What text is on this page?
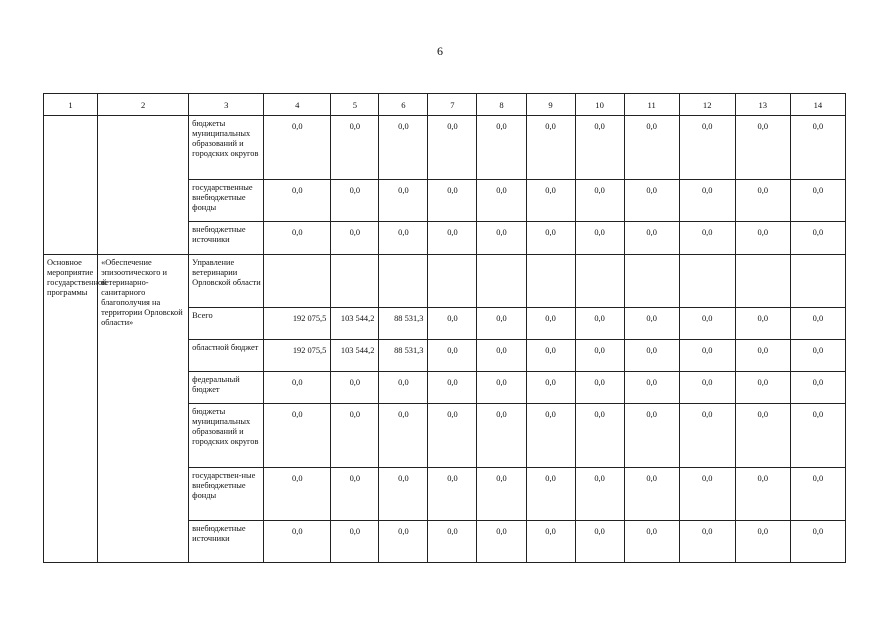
6
1	2	3	4	5	6	7	8	9	10	11	12	13	14
		бюджеты муниципальных образований и городских округов	0,0	0,0	0,0	0,0	0,0	0,0	0,0	0,0	0,0	0,0	0,0
		государственные внебюджетные фонды	0,0	0,0	0,0	0,0	0,0	0,0	0,0	0,0	0,0	0,0	0,0
		внебюджетные источники	0,0	0,0	0,0	0,0	0,0	0,0	0,0	0,0	0,0	0,0	0,0
Основное мероприятие государственной программы	«Обеспечение эпизоотического и ветеринарно-санитарного благополучия на территории Орловской области»	Управление ветеринарии Орловской области											
		Всего	192 075,5	103 544,2	88 531,3	0,0	0,0	0,0	0,0	0,0	0,0	0,0	0,0
		областной бюджет	192 075,5	103 544,2	88 531,3	0,0	0,0	0,0	0,0	0,0	0,0	0,0	0,0
		федеральный бюджет	0,0	0,0	0,0	0,0	0,0	0,0	0,0	0,0	0,0	0,0	0,0
		бюджеты муниципальных образований и городских округов	0,0	0,0	0,0	0,0	0,0	0,0	0,0	0,0	0,0	0,0	0,0
		государствен-ные внебюджетные фонды	0,0	0,0	0,0	0,0	0,0	0,0	0,0	0,0	0,0	0,0	0,0
		внебюджетные источники	0,0	0,0	0,0	0,0	0,0	0,0	0,0	0,0	0,0	0,0	0,0
